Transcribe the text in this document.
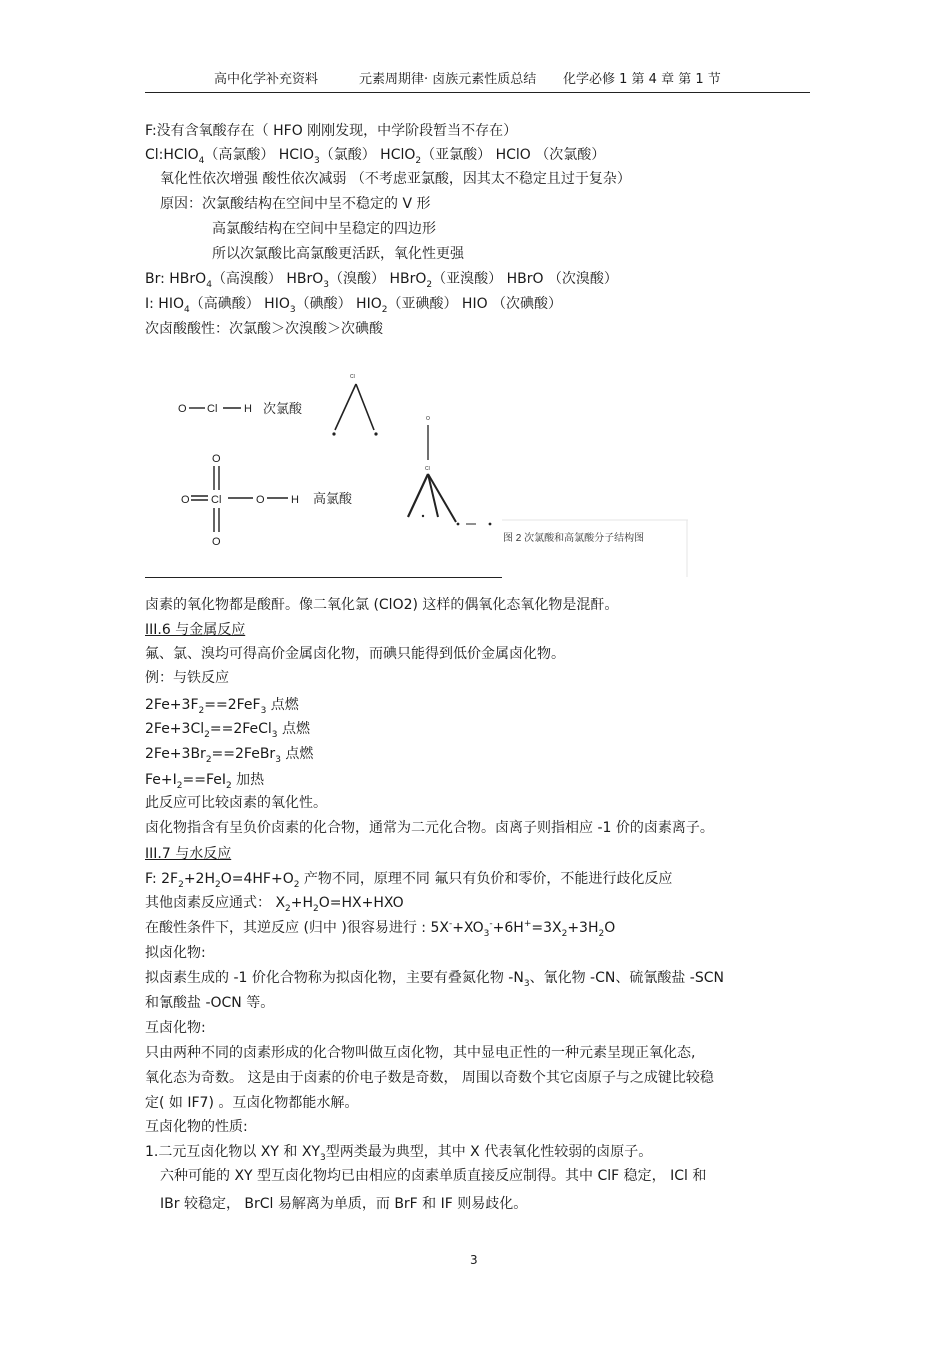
高中化学补充资料	元素周期律· 卤族元素性质总结 化学必修 1 第 4 章 第 1 节
F:没有含氧酸存在（ HFO 刚刚发现，中学阶段暂当不存在）
Cl:HClO$_4$（高氯酸） HClO$_3$（氯酸） HClO$_2$（亚氯酸） HClO （次氯酸）
氧化性依次增强 酸性依次减弱 （不考虑亚氯酸，因其太不稳定且过于复杂）
原因：次氯酸结构在空间中呈不稳定的 V 形
高氯酸结构在空间中呈稳定的四边形
所以次氯酸比高氯酸更活跃，氧化性更强
Br: HBrO$_4$（高溴酸） HBrO$_3$（溴酸） HBrO$_2$（亚溴酸） HBrO （次溴酸）
I: $HIO_4$（高碘酸） $HIO_3$（碘酸） $HIO_2$（亚碘酸） HIO （次碘酸）
次卤酸酸性：次氯酸＞次溴酸＞次碘酸
O Cl H 次氯酸
O
O
O Cl	O H 高氯酸
Cl
O
Cl
图 2 次氯酸和高氯酸分子结构图
卤素的氧化物都是酸酐。像二氧化氯 (ClO2) 这样的偶氧化态氧化物是混酐。
III.6 与金属反应
氟、氯、溴均可得高价金属卤化物，而碘只能得到低价金属卤化物。
例：与铁反应
$2Fe+3F_2==2FeF_3$ 点燃
$2Fe+3Cl_2==2FeCl_3$ 点燃
$2Fe+3Br_2==2FeBr_3$ 点燃
$Fe+I_2==FeI_2$ 加热
此反应可比较卤素的氧化性。
卤化物指含有呈负价卤素的化合物，通常为二元化合物。卤离子则指相应 -1 价的卤素离子。
III.7 与水反应
F: $2F_2+2H_2O=4HF+O_2$ 产物不同，原理不同 氟只有负价和零价，不能进行歧化反应
其他卤素反应通式： $X_2+H_2O=HX+HXO$
在酸性条件下，其逆反应 (归中 )很容易进行 : $5X^-+XO_3^-+6H^+=3X_2+3H_2O$
拟卤化物:
拟卤素生成的 -1 价化合物称为拟卤化物，主要有叠氮化物 $-N_3$、氰化物 -CN、硫氰酸盐 -SCN
和氰酸盐 -OCN 等。
互卤化物:
只由两种不同的卤素形成的化合物叫做互卤化物，其中显电正性的一种元素呈现正氧化态,
氧化态为奇数。 这是由于卤素的价电子数是奇数， 周围以奇数个其它卤原子与之成键比较稳
定( 如 IF7) 。互卤化物都能水解。
互卤化物的性质:
1.二元互卤化物以 XY 和 $XY_3$型两类最为典型，其中 X 代表氧化性较弱的卤原子。
六种可能的 XY 型互卤化物均已由相应的卤素单质直接反应制得。其中 ClF 稳定， ICl 和
IBr 较稳定， BrCl 易解离为单质，而 BrF 和 IF 则易歧化。
3
